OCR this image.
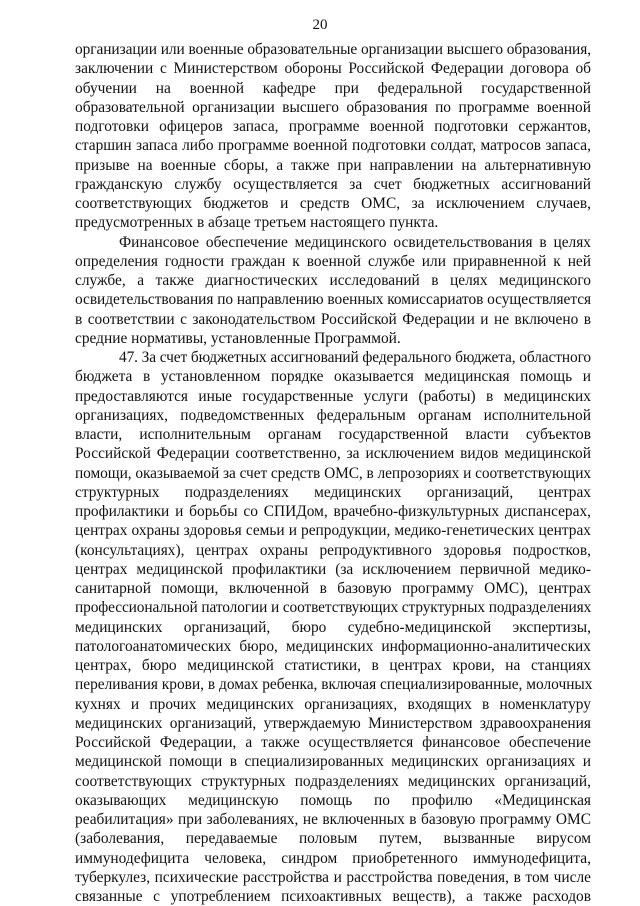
20
организации или военные образовательные организации высшего образования,
заключении с Министерством обороны Российской Федерации договора об
обучении на военной кафедре при федеральной государственной
образовательной организации высшего образования по программе военной
подготовки офицеров запаса, программе военной подготовки сержантов,
старшин запаса либо программе военной подготовки солдат, матросов запаса,
призыве на военные сборы, а также при направлении на альтернативную
гражданскую службу осуществляется за счет бюджетных ассигнований
соответствующих бюджетов и средств ОМС, за исключением случаев,
предусмотренных в абзаце третьем настоящего пункта.
Финансовое обеспечение медицинского освидетельствования в целях
определения годности граждан к военной службе или приравненной к ней
службе, а также диагностических исследований в целях медицинского
освидетельствования по направлению военных комиссариатов осуществляется
в соответствии с законодательством Российской Федерации и не включено в
средние нормативы, установленные Программой.
47. За счет бюджетных ассигнований федерального бюджета, областного
бюджета в установленном порядке оказывается медицинская помощь и
предоставляются иные государственные услуги (работы) в медицинских
организациях, подведомственных федеральным органам исполнительной
власти, исполнительным органам государственной власти субъектов
Российской Федерации соответственно, за исключением видов медицинской
помощи, оказываемой за счет средств ОМС, в лепрозориях и соответствующих
структурных подразделениях медицинских организаций, центрах
профилактики и борьбы со СПИДом, врачебно-физкультурных диспансерах,
центрах охраны здоровья семьи и репродукции, медико-генетических центрах
(консультациях), центрах охраны репродуктивного здоровья подростков,
центрах медицинской профилактики (за исключением первичной медико-
санитарной помощи, включенной в базовую программу ОМС), центрах
профессиональной патологии и соответствующих структурных подразделениях
медицинских организаций, бюро судебно-медицинской экспертизы,
патологоанатомических бюро, медицинских информационно-аналитических
центрах, бюро медицинской статистики, в центрах крови, на станциях
переливания крови, в домах ребенка, включая специализированные, молочных
кухнях и прочих медицинских организациях, входящих в номенклатуру
медицинских организаций, утверждаемую Министерством здравоохранения
Российской Федерации, а также осуществляется финансовое обеспечение
медицинской помощи в специализированных медицинских организациях и
соответствующих структурных подразделениях медицинских организаций,
оказывающих медицинскую помощь по профилю «Медицинская
реабилитация» при заболеваниях, не включенных в базовую программу ОМС
(заболевания, передаваемые половым путем, вызванные вирусом
иммунодефицита человека, синдром приобретенного иммунодефицита,
туберкулез, психические расстройства и расстройства поведения, в том числе
связанные с употреблением психоактивных веществ), а также расходов
